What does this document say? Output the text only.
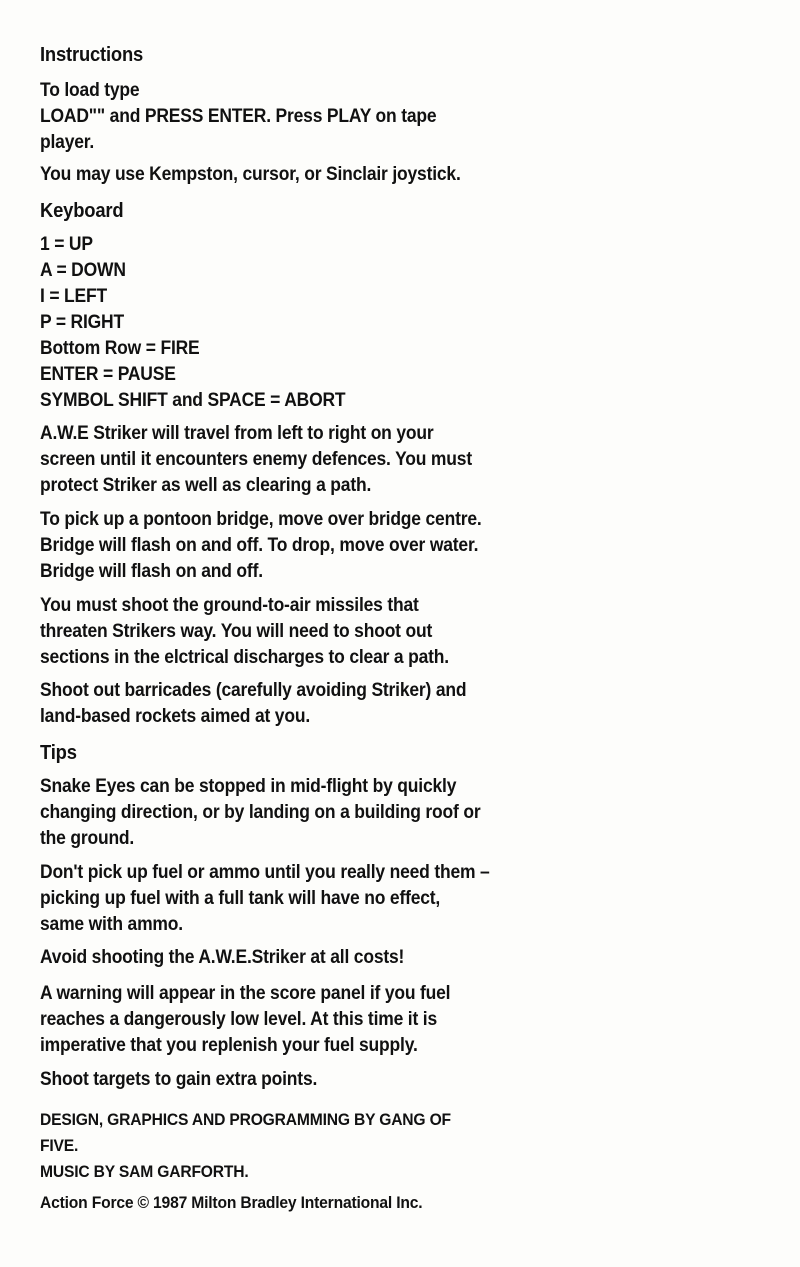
Instructions
To load type
LOAD"" and PRESS ENTER. Press PLAY on tape
player.
You may use Kempston, cursor, or Sinclair joystick.
Keyboard
1 = UP
A = DOWN
I = LEFT
P = RIGHT
Bottom Row = FIRE
ENTER = PAUSE
SYMBOL SHIFT and SPACE = ABORT
A.W.E Striker will travel from left to right on your
screen until it encounters enemy defences. You must
protect Striker as well as clearing a path.
To pick up a pontoon bridge, move over bridge centre.
Bridge will flash on and off. To drop, move over water.
Bridge will flash on and off.
You must shoot the ground-to-air missiles that
threaten Strikers way. You will need to shoot out
sections in the elctrical discharges to clear a path.
Shoot out barricades (carefully avoiding Striker) and
land-based rockets aimed at you.
Tips
Snake Eyes can be stopped in mid-flight by quickly
changing direction, or by landing on a building roof or
the ground.
Don't pick up fuel or ammo until you really need them –
picking up fuel with a full tank will have no effect,
same with ammo.
Avoid shooting the A.W.E.Striker at all costs!
A warning will appear in the score panel if you fuel
reaches a dangerously low level. At this time it is
imperative that you replenish your fuel supply.
Shoot targets to gain extra points.
DESIGN, GRAPHICS AND PROGRAMMING BY GANG OF
FIVE.
MUSIC BY SAM GARFORTH.
Action Force © 1987 Milton Bradley International Inc.
